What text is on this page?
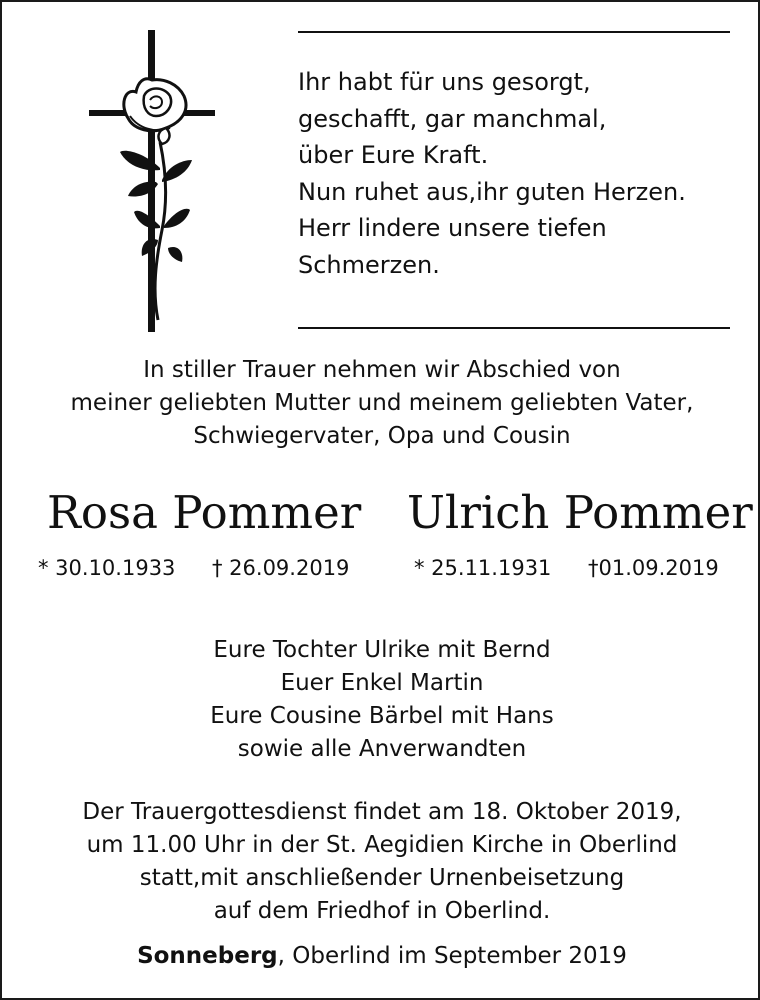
Ihr habt für uns gesorgt,
geschafft, gar manchmal,
über Eure Kraft.
Nun ruhet aus,ihr guten Herzen.
Herr lindere unsere tiefen
Schmerzen.
In stiller Trauer nehmen wir Abschied von
meiner geliebten Mutter und meinem geliebten Vater,
Schwiegervater, Opa und Cousin
Rosa Pommer Ulrich Pommer
* 30.10.1933 † 26.09.2019	* 25.11.1931 †01.09.2019
Eure Tochter Ulrike mit Bernd
Euer Enkel Martin
Eure Cousine Bärbel mit Hans
sowie alle Anverwandten
Der Trauergottesdienst findet am 18. Oktober 2019,
um 11.00 Uhr in der St. Aegidien Kirche in Oberlind
statt,mit anschließender Urnenbeisetzung
auf dem Friedhof in Oberlind.
Sonneberg, Oberlind im September 2019
